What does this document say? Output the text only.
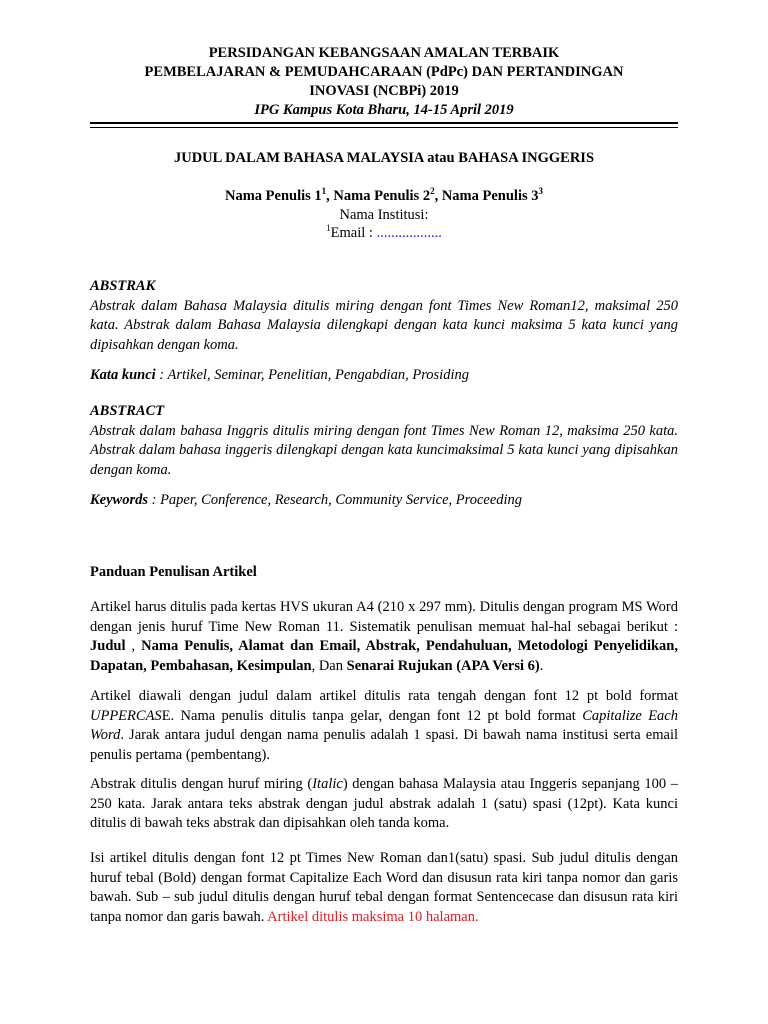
PERSIDANGAN KEBANGSAAN AMALAN TERBAIK
PEMBELAJARAN & PEMUDAHCARAAN (PdPc) DAN PERTANDINGAN
INOVASI (NCBPi) 2019
IPG Kampus Kota Bharu, 14-15 April 2019
JUDUL DALAM BAHASA MALAYSIA atau BAHASA INGGERIS
Nama Penulis $1^1$, Nama Penulis $2^2$, Nama Penulis $3^3$
Nama Institusi:
$^1$Email : ..................

ABSTRAK

Abstrak dalam Bahasa Malaysia ditulis miring dengan font Times New Roman12, maksimal 250 kata. Abstrak dalam Bahasa Malaysia dilengkapi dengan kata kunci maksima 5 kata kunci yang dipisahkan dengan koma.

Kata kunci : Artikel, Seminar, Penelitian, Pengabdian, Prosiding

ABSTRACT

Abstrak dalam bahasa Inggris ditulis miring dengan font Times New Roman 12, maksima 250 kata. Abstrak dalam bahasa inggeris dilengkapi dengan kata kuncimaksimal 5 kata kunci yang dipisahkan dengan koma.

Keywords : Paper, Conference, Research, Community Service, Proceeding
Panduan Penulisan Artikel
Artikel harus ditulis pada kertas HVS ukuran A4 (210 x 297 mm). Ditulis dengan program MS Word dengan jenis huruf Time New Roman 11. Sistematik penulisan memuat hal-hal sebagai berikut : Judul , Nama Penulis, Alamat dan Email, Abstrak, Pendahuluan, Metodologi Penyelidikan, Dapatan, Pembahasan, Kesimpulan, Dan Senarai Rujukan (APA Versi 6).
Artikel diawali dengan judul dalam artikel ditulis rata tengah dengan font 12 pt bold format UPPERCASE. Nama penulis ditulis tanpa gelar, dengan font 12 pt bold format Capitalize Each Word. Jarak antara judul dengan nama penulis adalah 1 spasi. Di bawah nama institusi serta email penulis pertama (pembentang).
Abstrak ditulis dengan huruf miring (Italic) dengan bahasa Malaysia atau Inggeris sepanjang 100 – 250 kata. Jarak antara teks abstrak dengan judul abstrak adalah 1 (satu) spasi (12pt). Kata kunci ditulis di bawah teks abstrak dan dipisahkan oleh tanda koma.
Isi artikel ditulis dengan font 12 pt Times New Roman dan1(satu) spasi. Sub judul ditulis dengan huruf tebal (Bold) dengan format Capitalize Each Word dan disusun rata kiri tanpa nomor dan garis bawah. Sub – sub judul ditulis dengan huruf tebal dengan format Sentencecase dan disusun rata kiri tanpa nomor dan garis bawah. Artikel ditulis maksima 10 halaman.
